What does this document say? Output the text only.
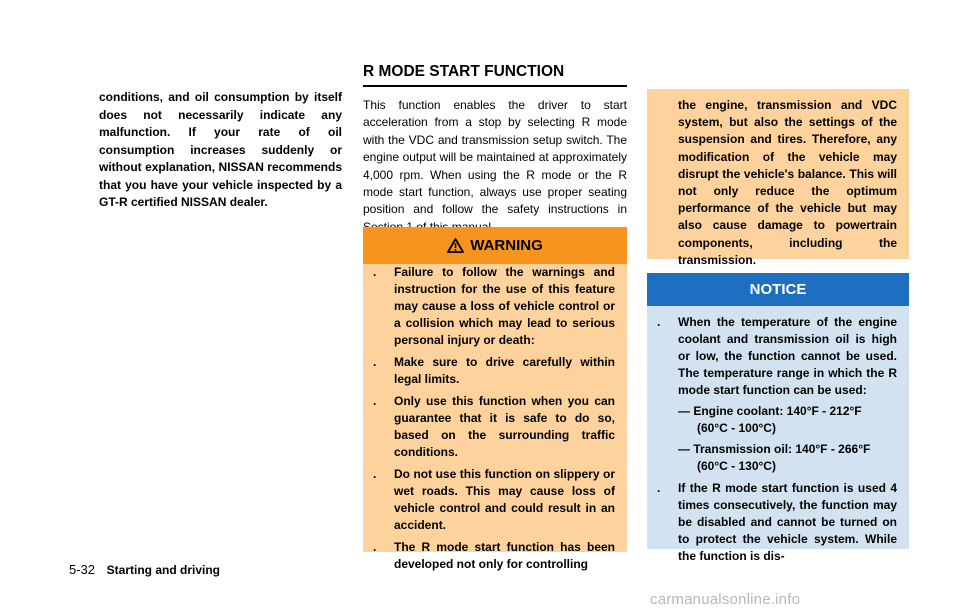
conditions, and oil consumption by itself does not necessarily indicate any malfunction. If your rate of oil consumption increases suddenly or without explanation, NISSAN recommends that you have your vehicle inspected by a GT-R certified NISSAN dealer.
R MODE START FUNCTION

This function enables the driver to start acceleration from a stop by selecting R mode with the VDC and transmission setup switch. The engine output will be maintained at approximately 4,000 rpm. When using the R mode or the R mode start function, always use proper seating position and follow the safety instructions in

WARNING
. Failure to follow the warnings and instruction for the use of this feature may cause a loss of vehicle control or a collision which may lead to serious personal injury or death:
. Make sure to drive carefully within legal limits.
. Only use this function when you can guarantee that it is safe to do so, based on the surrounding traffic conditions.
. Do not use this function on slippery or wet roads. This may cause loss of vehicle control and could result in an accident.
. The R mode start function has been developed not only for controlling
the engine, transmission and VDC system, but also the settings of the suspension and tires. Therefore, any modification of the vehicle may disrupt the vehicle's balance. This will not only reduce the optimum performance of the vehicle but may also cause damage to powertrain components, including the transmission.
NOTICE
. When the temperature of the engine coolant and transmission oil is high or low, the function cannot be used. The temperature range in which the R mode start function can be used:
— Engine coolant: 140°F - 212°F
(60°C - 100°C)
— Transmission oil: 140°F - 266°F
(60°C - 130°C)
. If the R mode start function is used 4 times consecutively, the function may be disabled and cannot be turned on to protect the vehicle system. While the function is dis-
5-32 Starting and driving
carmanualsonline.info
